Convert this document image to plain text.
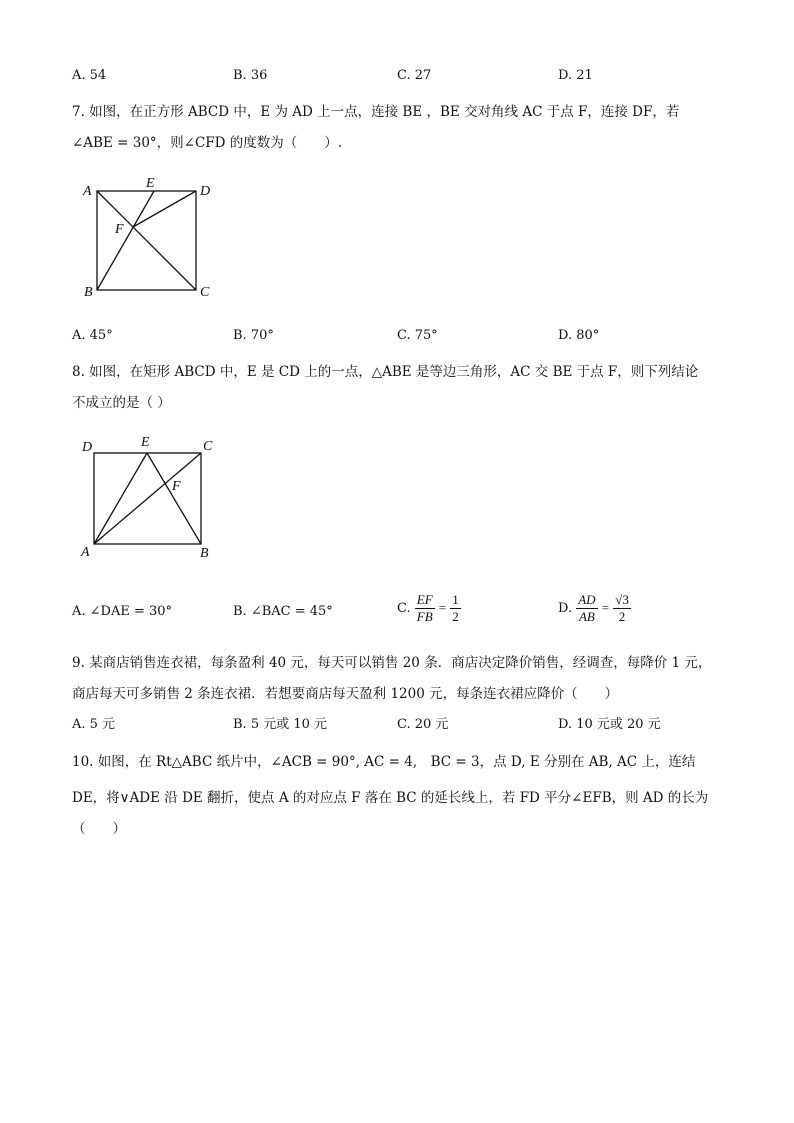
A. 54	B. 36	C. 27	D. 21
7. 如图，在正方形 ABCD 中，E 为 AD 上一点，连接 BE ，BE 交对角线 AC 于点 F，连接 DF，若
∠ABE = 30°，则∠CFD 的度数为（　　）.
A
E
D
F
B	C
A. 45°	B. 70°	C. 75°	D. 80°
8. 如图，在矩形 ABCD 中，E 是 CD 上的一点，△ABE 是等边三角形，AC 交 BE 于点 F，则下列结论
不成立的是（ ）
D	E	C
F
A	B
A. ∠DAE = 30°	B. ∠BAC = 45°	C. $\frac{EF}{FB} = \frac{1}{2}$	D. $\frac{AD}{AB} = \frac{√3}{2}$
9. 某商店销售连衣裙，每条盈利 40 元，每天可以销售 20 条．商店决定降价销售，经调查，每降价 1 元，
商店每天可多销售 2 条连衣裙．若想要商店每天盈利 1200 元，每条连衣裙应降价（　　）
A. 5 元	B. 5 元或 10 元	C. 20 元	D. 10 元或 20 元
10. 如图，在 Rt△ABC 纸片中，∠ACB = 90°, AC = 4,　BC = 3，点 D, E 分别在 AB, AC 上，连结
DE，将∨ADE 沿 DE 翻折，使点 A 的对应点 F 落在 BC 的延长线上，若 FD 平分∠EFB，则 AD 的长为
（　　）
